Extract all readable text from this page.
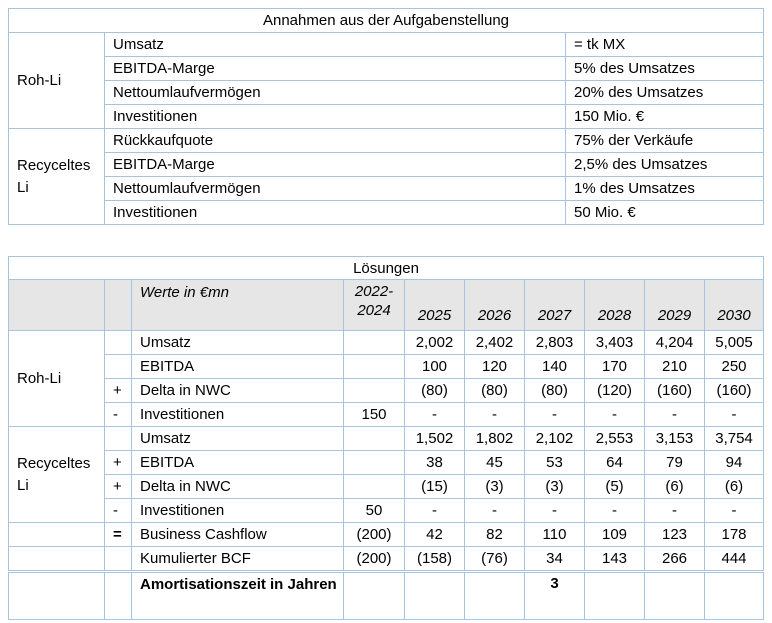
Annahmen aus der Aufgabenstellung		
Roh-Li	Umsatz	= tk MX
	EBITDA-Marge	5% des Umsatzes
	Nettoumlaufvermögen	20% des Umsatzes
	Investitionen	150 Mio. €
Recyceltes Li	Rückkaufquote	75% der Verkäufe
	EBITDA-Marge	2,5% des Umsatzes
	Nettoumlaufvermögen	1% des Umsatzes
	Investitionen	50 Mio. €
Lösungen									
		Werte in €mn	2022-2024	2025	2026	2027	2028	2029	2030
Roh-Li		Umsatz		2,002	2,402	2,803	3,403	4,204	5,005
		EBITDA		100	120	140	170	210	250
	+	Delta in NWC		(80)	(80)	(80)	(120)	(160)	(160)
	-	Investitionen	150	-	-	-	-	-	-
Recyceltes Li		Umsatz		1,502	1,802	2,102	2,553	3,153	3,754
	+	EBITDA		38	45	53	64	79	94
	+	Delta in NWC		(15)	(3)	(3)	(5)	(6)	(6)
	-	Investitionen	50	-	-	-	-	-	-
	=	Business Cashflow	(200)	42	82	110	109	123	178
		Kumulierter BCF	(200)	(158)	(76)	34	143	266	444
		Amortisationszeit in Jahren				3			
